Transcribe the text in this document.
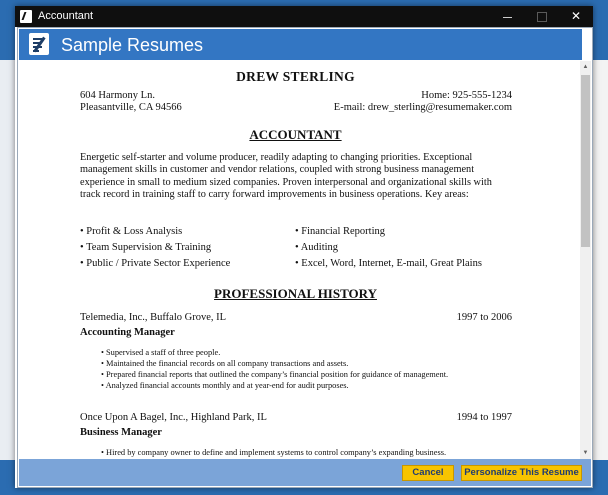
Accountant	✕
Sample Resumes
DREW STERLING
604 Harmony Ln.
Pleasantville, CA 94566
Home: 925-555-1234
E-mail: drew_sterling@resumemaker.com
ACCOUNTANT
Energetic self-starter and volume producer, readily adapting to changing priorities. Exceptional management skills in customer and vendor relations, coupled with strong business management experience in small to medium sized companies. Proven interpersonal and organizational skills with track record in training staff to carry forward improvements in business operations. Key areas:
• Profit & Loss Analysis
• Team Supervision & Training
• Public / Private Sector Experience
• Financial Reporting
• Auditing
• Excel, Word, Internet, E-mail, Great Plains
PROFESSIONAL HISTORY
Telemedia, Inc., Buffalo Grove, IL	1997 to 2006
Accounting Manager
• Supervised a staff of three people.
• Maintained the financial records on all company transactions and assets.
• Prepared financial reports that outlined the company’s financial position for guidance of management.
• Analyzed financial accounts monthly and at year-end for audit purposes.
Once Upon A Bagel, Inc., Highland Park, IL	1994 to 1997
Business Manager
• Hired by company owner to define and implement systems to control company’s expanding business.
▲
▼
Cancel	Personalize This Resume
